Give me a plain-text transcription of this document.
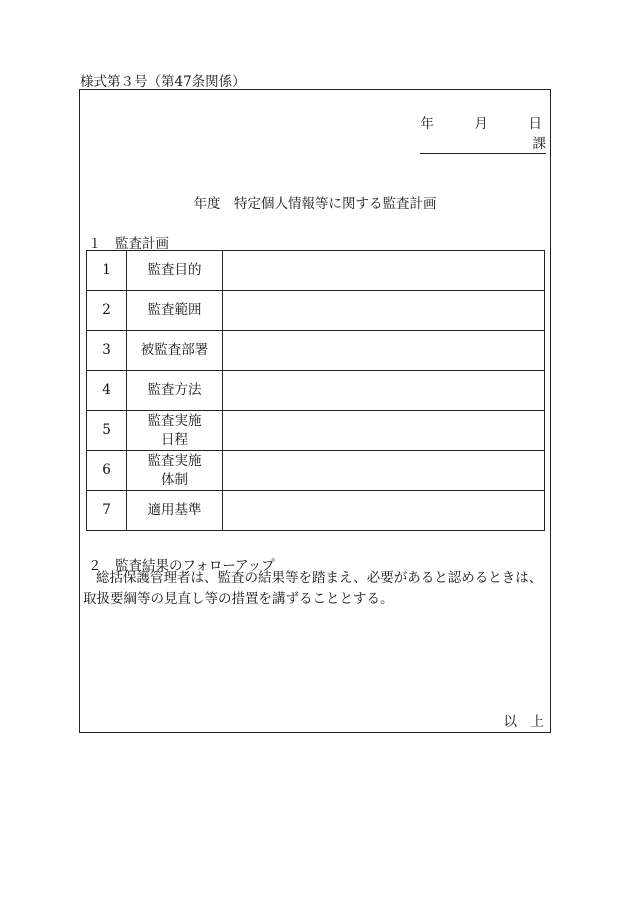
様式第３号（第47条関係）
年	月	日
課
年度　特定個人情報等に関する監査計画
１　監査計画
1	監査目的	
2	監査範囲	
3	被監査部署	
4	監査方法	
5	監査実施日程	
6	監査実施体制	
7	適用基準	
２　監査結果のフォローアップ
総括保護管理者は、監査の結果等を踏まえ、必要があると認めるときは、
取扱要綱等の見直し等の措置を講ずることとする。
以　上
